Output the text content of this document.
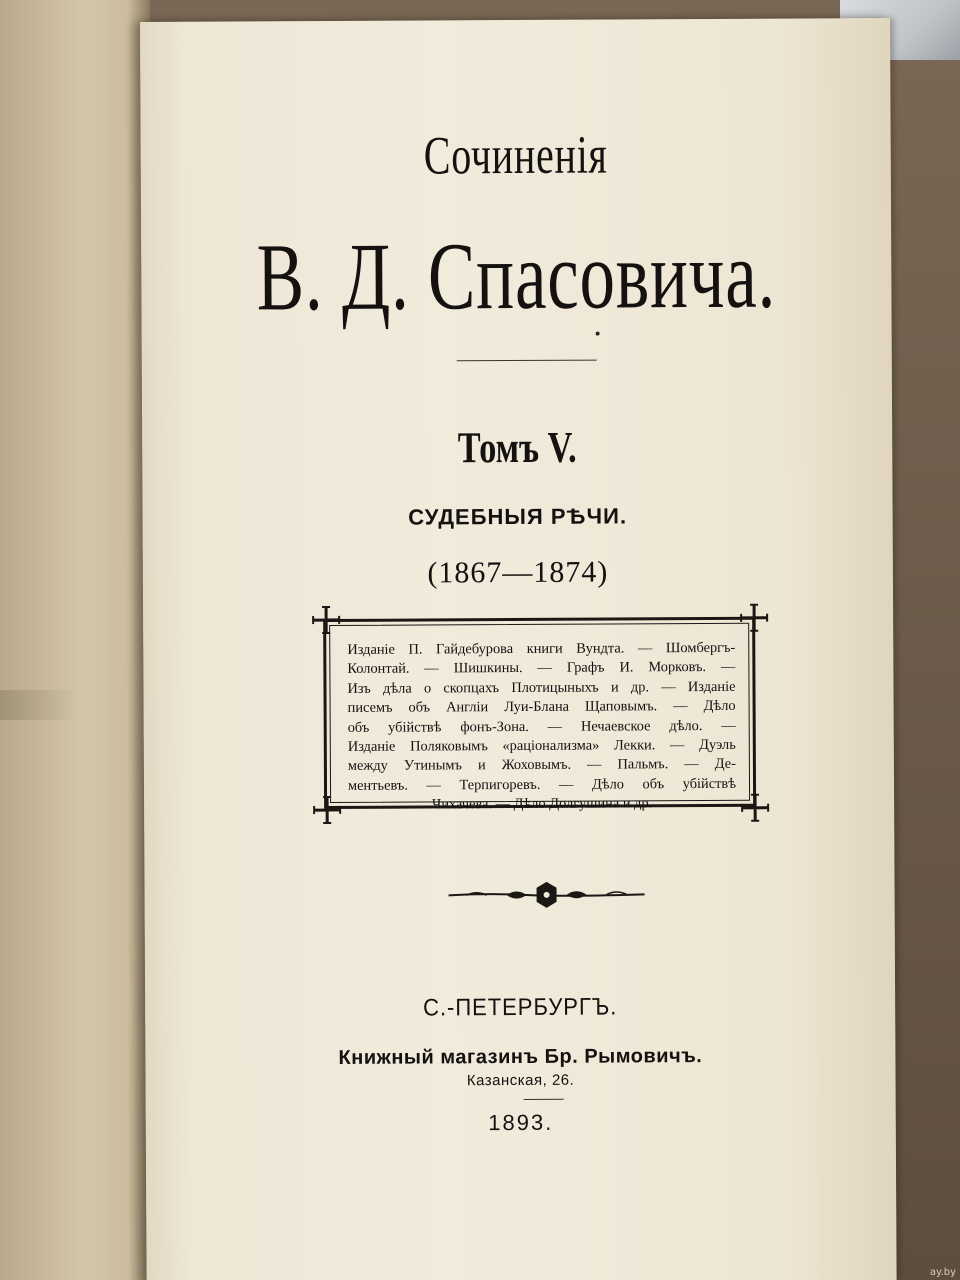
Сочиненія
В. Д. Спасовича.
Томъ V.
СУДЕБНЫЯ РѢЧИ.
(1867—1874)
Изданіе П. Гайдебурова книги Вундта. — Шомбергъ-
Колонтай. — Шишкины. — Графъ И. Морковъ. —
Изъ дѣла о скопцахъ Плотицыныхъ и др. — Изданіе
писемъ объ Англіи Луи-Блана Щаповымъ. — Дѣло
объ убійствѣ фонъ-Зона. — Нечаевское дѣло. —
Изданіе Поляковымъ «раціонализма» Лекки. — Дуэль
между Утинымъ и Жоховымъ. — Пальмъ. — Де-
ментьевъ. — Терпигоревъ. — Дѣло объ убійствѣ
Чихачева. — Дѣло Долгушина и др.
С.-ПЕТЕРБУРГЪ.
Книжный магазинъ Бр. Рымовичъ.
Казанская, 26.
1893.
ay.by
